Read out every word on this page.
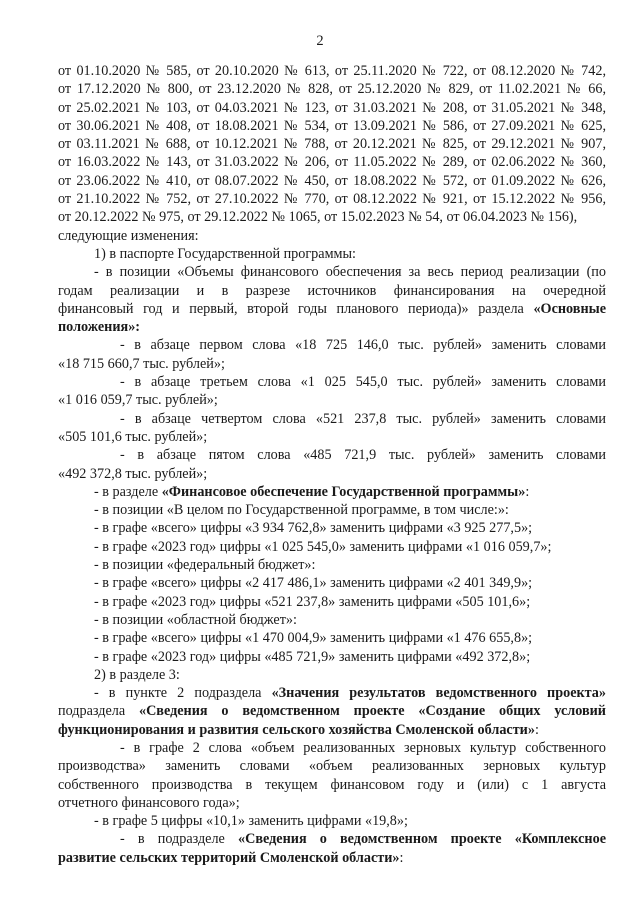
2
от 01.10.2020 № 585, от 20.10.2020 № 613, от 25.11.2020 № 722, от 08.12.2020 № 742,
от 17.12.2020 № 800, от 23.12.2020 № 828, от 25.12.2020 № 829, от 11.02.2021 № 66,
от 25.02.2021 № 103, от 04.03.2021 № 123, от 31.03.2021 № 208, от 31.05.2021 № 348,
от 30.06.2021 № 408, от 18.08.2021 № 534, от 13.09.2021 № 586, от 27.09.2021 № 625,
от 03.11.2021 № 688, от 10.12.2021 № 788, от 20.12.2021 № 825, от 29.12.2021 № 907,
от 16.03.2022 № 143, от 31.03.2022 № 206, от 11.05.2022 № 289, от 02.06.2022 № 360,
от 23.06.2022 № 410, от 08.07.2022 № 450, от 18.08.2022 № 572, от 01.09.2022 № 626,
от 21.10.2022 № 752, от 27.10.2022 № 770, от 08.12.2022 № 921, от 15.12.2022 № 956,
от 20.12.2022 № 975, от 29.12.2022 № 1065, от 15.02.2023 № 54, от 06.04.2023 № 156),
следующие изменения:
1) в паспорте Государственной программы:
- в позиции «Объемы финансового обеспечения за весь период реализации (по
годам реализации и в разрезе источников финансирования на очередной
финансовый год и первый, второй годы планового периода)» раздела «Основные
положения»:
- в абзаце первом слова «18 725 146,0 тыс. рублей» заменить словами
«18 715 660,7 тыс. рублей»;
- в абзаце третьем слова «1 025 545,0 тыс. рублей» заменить словами
«1 016 059,7 тыс. рублей»;
- в абзаце четвертом слова «521 237,8 тыс. рублей» заменить словами
«505 101,6 тыс. рублей»;
- в абзаце пятом слова «485 721,9 тыс. рублей» заменить словами
«492 372,8 тыс. рублей»;
- в разделе «Финансовое обеспечение Государственной программы»:
- в позиции «В целом по Государственной программе, в том числе:»:
- в графе «всего» цифры «3 934 762,8» заменить цифрами «3 925 277,5»;
- в графе «2023 год» цифры «1 025 545,0» заменить цифрами «1 016 059,7»;
- в позиции «федеральный бюджет»:
- в графе «всего» цифры «2 417 486,1» заменить цифрами «2 401 349,9»;
- в графе «2023 год» цифры «521 237,8» заменить цифрами «505 101,6»;
- в позиции «областной бюджет»:
- в графе «всего» цифры «1 470 004,9» заменить цифрами «1 476 655,8»;
- в графе «2023 год» цифры «485 721,9» заменить цифрами «492 372,8»;
2) в разделе 3:
- в пункте 2 подраздела «Значения результатов ведомственного проекта»
подраздела «Сведения о ведомственном проекте «Создание общих условий
функционирования и развития сельского хозяйства Смоленской области»:
- в графе 2 слова «объем реализованных зерновых культур собственного
производства» заменить словами «объем реализованных зерновых культур
собственного производства в текущем финансовом году и (или) с 1 августа
отчетного финансового года»;
- в графе 5 цифры «10,1» заменить цифрами «19,8»;
- в подразделе «Сведения о ведомственном проекте «Комплексное
развитие сельских территорий Смоленской области»:
